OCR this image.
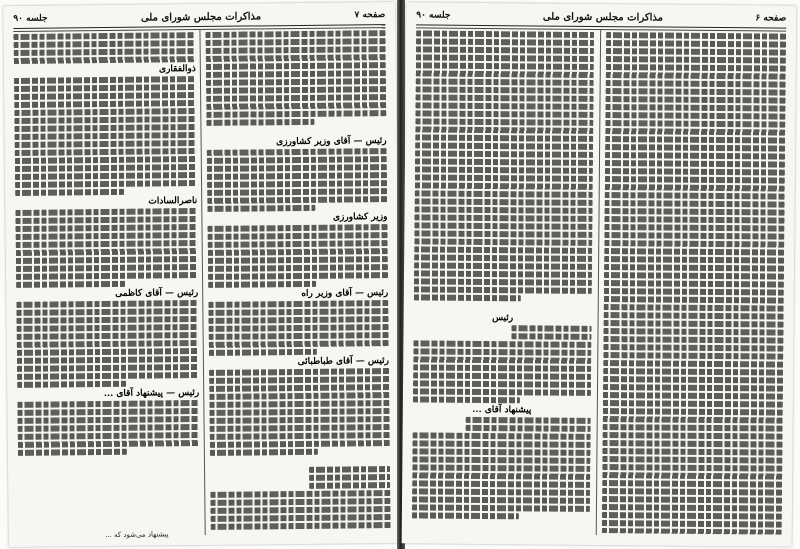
صفحه ۷
مذاکرات مجلس شورای ملی
جلسه ۹۰
رئیس — آقای وزیر کشاورزی
وزیر کشاورزی
رئیس — آقای وزیر راه
رئیس — آقای طباطبائی
ذوالفقاری
ناصرالسادات
رئیس — آقای کاظمی
رئیس — پیشنهاد آقای ...
پیشنهاد می‌شود که ...
صفحه ۶
مذاکرات مجلس شورای ملی
جلسه ۹۰
رئیس
پیشنهاد آقای ...
